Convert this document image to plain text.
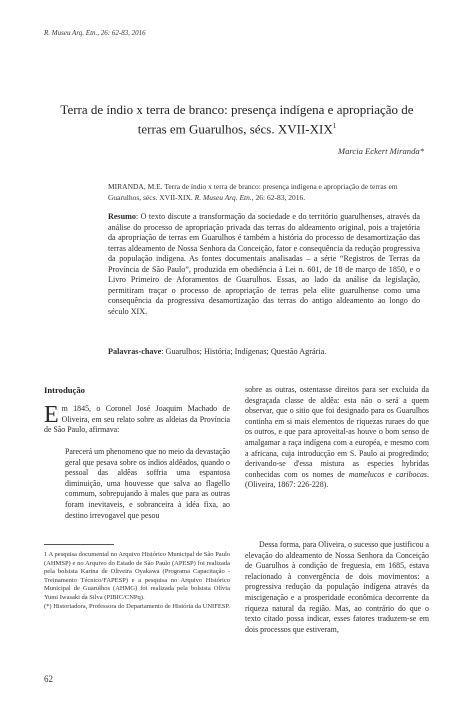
R. Museu Arq. Etn., 26: 62-83, 2016
Terra de índio x terra de branco: presença indígena e apropriação de terras em Guarulhos, sécs. XVII-XIX$^1$
Marcia Eckert Miranda*
MIRANDA, M.E. Terra de índio x terra de branco: presença indígena e apropriação de terras em Guarulhos, sécs. XVII-XIX. R. Museu Arq. Etn., 26: 62-83, 2016.
Resumo: O texto discute a transformação da sociedade e do território guarulhenses, através da análise do processo de apropriação privada das terras do aldeamento original, pois a trajetória da apropriação de terras em Guarulhos é também a história do processo de desamortização das terras aldeamento de Nossa Senhora da Conceição, fator e consequência da redução progressiva da população indígena. As fontes documentais analisadas – a série “Registros de Terras da Província de São Paulo”, produzida em obediência à Lei n. 601, de 18 de março de 1850, e o Livro Primeiro de Aforamentos de Guarulhos. Essas, ao lado da análise da legislação, permitiram traçar o processo de apropriação de terras pela elite guarulhense como uma consequência da progressiva desamortização das terras do antigo aldeamento ao longo do século XIX.
Palavras-chave: Guarulhos; História; Indígenas; Questão Agrária.
Introdução
Em 1845, o Coronel José Joaquim Machado de Oliveira, em seu relato sobre as aldeias da Província de São Paulo, afirmava:
Parecerá um phenomeno que no meio da devastação geral que pesava sobre os índios aldêados, quando o pessoal das aldêas soffria uma espantosa diminuição, uma houvesse que salva ao flagello commum, sobrepujando à males que para as outras foram inevitaveis, e sobranceira à idéa fixa, ao destino irrevogavel que pesou
1 A pesquisa documental no Arquivo Histórico Municipal de São Paulo (AHMSP) e no Arquivo do Estado de São Paulo (APESP) foi realizada pela bolsista Karina de Oliveira Oyakawa (Programa Capacitação - Treinamento Técnico/FAPESP) e a pesquisa no Arquivo Histórico Municipal de Guarulhos (AHMG) foi realizada pela bolsista Olívia Yumi Iwasaki da Silva (PIBIC/CNPq).
(*) Historiadora, Professora do Departamento de História da UNIFESP.
sobre as outras, ostentasse direitos para ser excluida da desgraçada classe de aldêa: esta não o será a quem observar, que o sitio que foi designado para os Guarulhos continha em si mais elementos de riquezas ruraes do que os outros, e que para aproveital-as houve o bom senso de amalgamar a raça indígena com a européa, e mesmo com a africana, cuja introducção em S. Paulo ai progredindo; derivando-se d'essa mistura as especies hybridas conhecidas com os nomes de mamelucos e caribocas. (Oliveira, 1867: 226-228).
Dessa forma, para Oliveira, o sucesso que justificou a elevação do aldeamento de Nossa Senhora da Conceição de Guarulhos à condição de freguesia, em 1685, estava relacionado à convergência de dois movimentos: a progressiva redução da população indígena através da miscigenação e a prosperidade econômica decorrente da riqueza natural da região. Mas, ao contrário do que o texto citado possa indicar, esses fatores traduzem-se em dois processos que estiveram,
62
